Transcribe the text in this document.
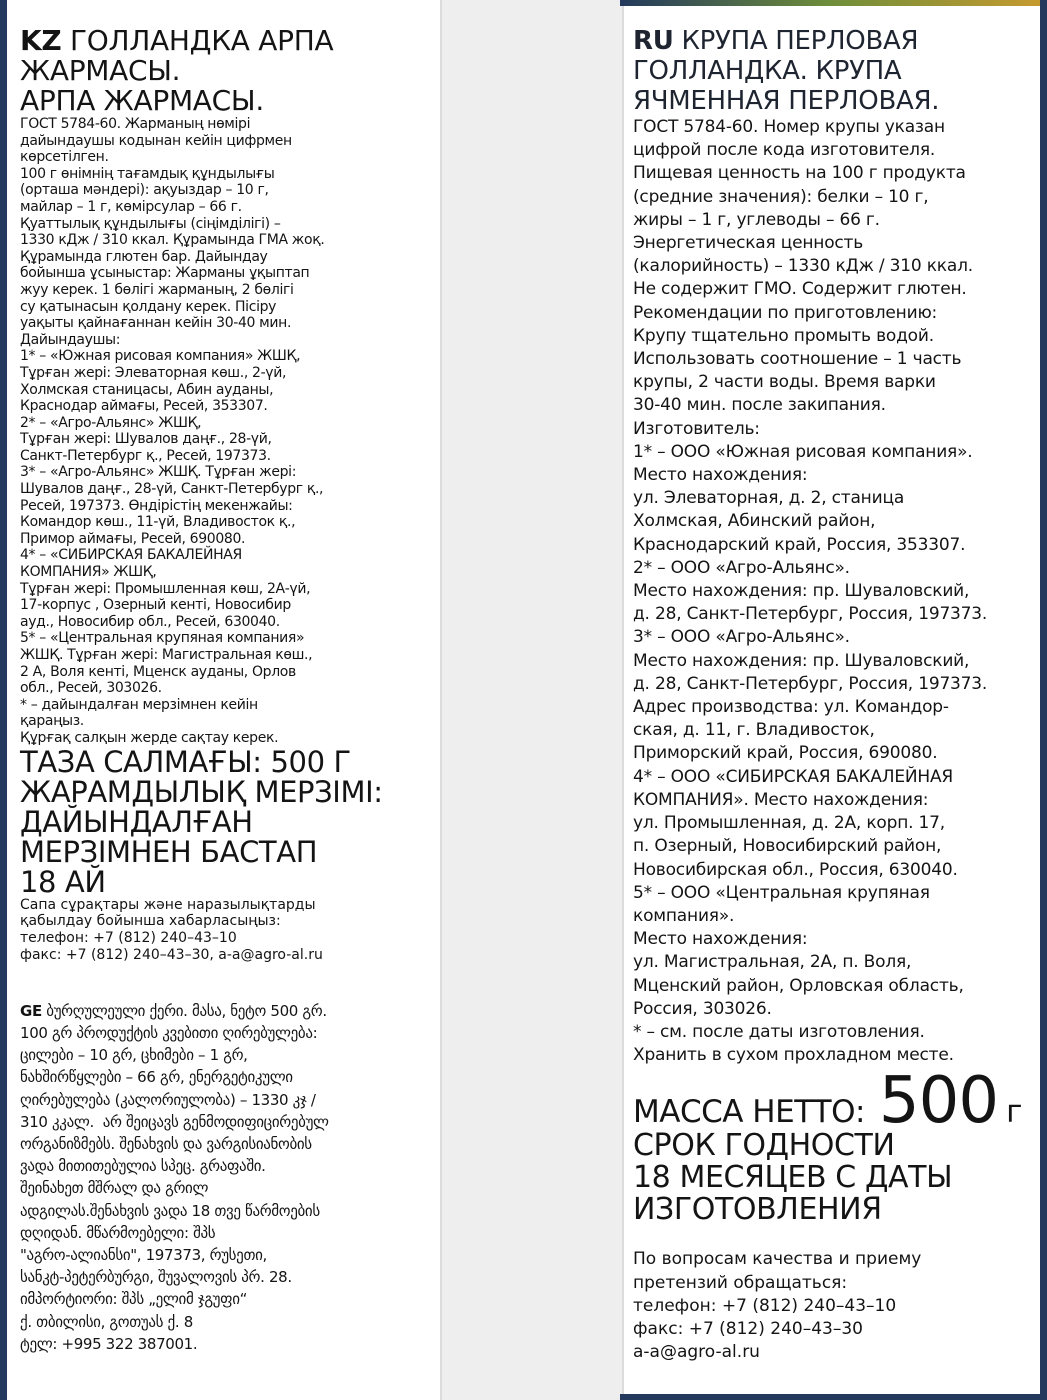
KZ ГОЛЛАНДКА АРПА
ЖАРМАСЫ.
АРПА ЖАРМАСЫ.

ГОСТ 5784-60. Жарманың нөмірі
дайындаушы кодынан кейін цифрмен
көрсетілген.
100 г өнімнің тағамдық құндылығы
(орташа мәндері): ақуыздар – 10 г,
майлар – 1 г, көмірсулар – 66 г.
Қуаттылық құндылығы (сіңімділігі) –
1330 кДж / 310 ккал. Құрамында ГМА жоқ.
Құрамында глютен бар. Дайындау
бойынша ұсыныстар: Жарманы ұқыптап
жуу керек. 1 бөлігі жарманың, 2 бөлігі
су қатынасын қолдану керек. Пісіру
уақыты қайнағаннан кейін 30-40 мин.
Дайындаушы:
1* – «Южная рисовая компания» ЖШҚ,
Тұрған жері: Элеваторная көш., 2-үй,
Холмская станицасы, Абин ауданы,
Краснодар аймағы, Ресей, 353307.
2* – «Агро-Альянс» ЖШҚ,
Тұрған жері: Шувалов даңғ., 28-үй,
Санкт-Петербург қ., Ресей, 197373.
3* – «Агро-Альянс» ЖШҚ. Тұрған жері:
Шувалов даңғ., 28-үй, Санкт-Петербург қ.,
Ресей, 197373. Өндірістің мекенжайы:
Командор көш., 11-үй, Владивосток қ.,
Примор аймағы, Ресей, 690080.
4* – «СИБИРСКАЯ БАКАЛЕЙНАЯ
КОМПАНИЯ» ЖШҚ,
Тұрған жері: Промышленная көш, 2А-үй,
17-корпус , Озерный кенті, Новосибир
ауд., Новосибир обл., Ресей, 630040.
5* – «Центральная крупяная компания»
ЖШҚ. Тұрған жері: Магистральная көш.,
2 А, Воля кенті, Мценск ауданы, Орлов
обл., Ресей, 303026.
* – дайындалған мерзімнен кейін
қараңыз.
Құрғақ салқын жерде сақтау керек.

ТАЗА САЛМАҒЫ: 500 Г
ЖАРАМДЫЛЫҚ МЕРЗІМІ:
ДАЙЫНДАЛҒАН
МЕРЗІМНЕН БАСТАП
18 АЙ

Сапа сұрақтары және наразылықтарды
қабылдау бойынша хабарласыңыз:
телефон: +7 (812) 240–43–10
факс: +7 (812) 240–43–30, a-a@agro-al.ru

GE ბურღულეული ქერი. მასა, ნეტო 500 გრ.
100 გრ პროდუქტის კვებითი ღირებულება:
ცილები – 10 გრ, ცხიმები – 1 გრ,
ნახშირწყლები – 66 გრ, ენერგეტიკული
ღირებულება (კალორიულობა) – 1330 კჯ /
310 კკალ.  არ შეიცავს გენმოდიფიცირებულ
ორგანიზმებს. შენახვის და ვარგისიანობის
ვადა მითითებულია სპეც. გრაფაში.
შეინახეთ მშრალ და გრილ
ადგილას.შენახვის ვადა 18 თვე წარმოების
დღიდან. მწარმოებელი: შპს
"აგრო-ალიანსი", 197373, რუსეთი,
სანკტ-პეტერბურგი, შუვალოვის პრ. 28.
იმპორტიორი: შპს „ელიმ ჯგუფი“
ქ. თბილისი, გოთუას ქ. 8
ტელ: +995 322 387001.

RU КРУПА ПЕРЛОВАЯ
ГОЛЛАНДКА. КРУПА
ЯЧМЕННАЯ ПЕРЛОВАЯ.

ГОСТ 5784-60. Номер крупы указан
цифрой после кода изготовителя.
Пищевая ценность на 100 г продукта
(средние значения): белки – 10 г,
жиры – 1 г, углеводы – 66 г.
Энергетическая ценность
(калорийность) – 1330 кДж / 310 ккал.
Не содержит ГМО. Содержит глютен.
Рекомендации по приготовлению:
Крупу тщательно промыть водой.
Использовать соотношение – 1 часть
крупы, 2 части воды. Время варки
30-40 мин. после закипания.
Изготовитель:
1* – ООО «Южная рисовая компания».
Место нахождения:
ул. Элеваторная, д. 2, станица
Холмская, Абинский район,
Краснодарский край, Россия, 353307.
2* – ООО «Агро-Альянс».
Место нахождения: пр. Шуваловский,
д. 28, Санкт-Петербург, Россия, 197373.
3* – ООО «Агро-Альянс».
Место нахождения: пр. Шуваловский,
д. 28, Санкт-Петербург, Россия, 197373.
Адрес производства: ул. Командор-
ская, д. 11, г. Владивосток,
Приморский край, Россия, 690080.
4* – ООО «СИБИРСКАЯ БАКАЛЕЙНАЯ
КОМПАНИЯ». Место нахождения:
ул. Промышленная, д. 2А, корп. 17,
п. Озерный, Новосибирский район,
Новосибирская обл., Россия, 630040.
5* – ООО «Центральная крупяная
компания».
Место нахождения:
ул. Магистральная, 2А, п. Воля,
Мценский район, Орловская область,
Россия, 303026.
* – см. после даты изготовления.
Хранить в сухом прохладном месте.

МАССА НЕТТО: 500 г

СРОК ГОДНОСТИ
18 МЕСЯЦЕВ С ДАТЫ
ИЗГОТОВЛЕНИЯ

По вопросам качества и приему
претензий обращаться:
телефон: +7 (812) 240–43–10
факс: +7 (812) 240–43–30
a-a@agro-al.ru
